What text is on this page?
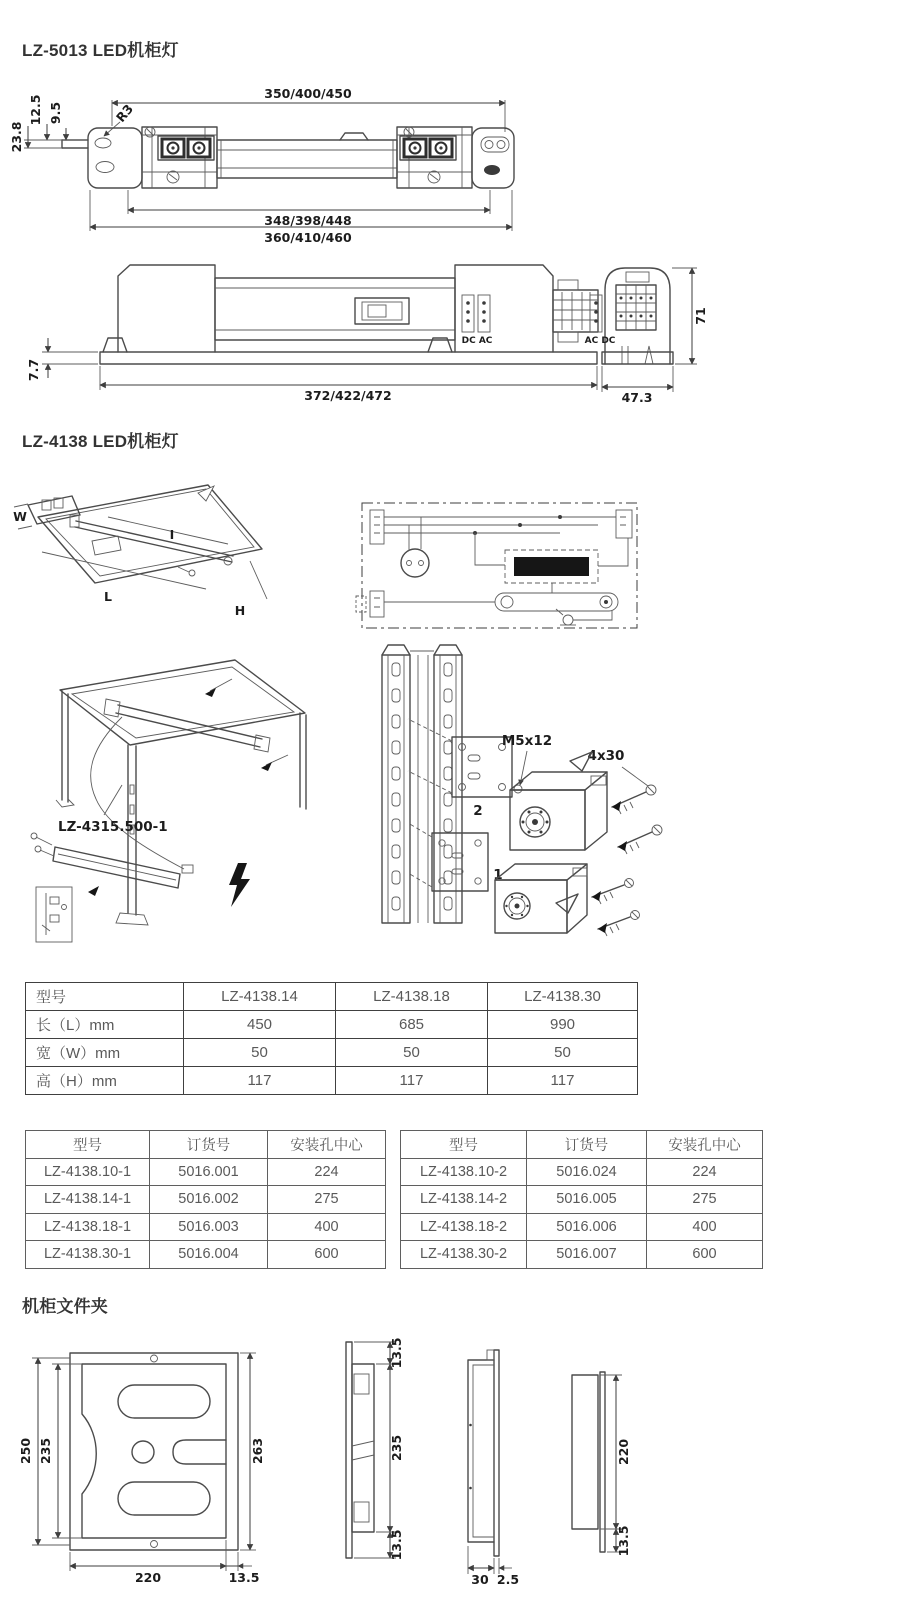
LZ-5013 LED机柜灯
350/400/450
12.5 9.5
23.8
R3
348/398/448
360/410/460
DC AC
7.7
372/422/472
AC DC
47.3
71
LZ-4138 LED机柜灯
I
L
W
H
LZ-4315.500-1
2
M5x12
4x30
1
型号	LZ-4138.14	LZ-4138.18	LZ-4138.30
长（L）mm	450	685	990
宽（W）mm	50	50	50
高（H）mm	117	117	117
型号	订货号	安装孔中心
LZ-4138.10-1	5016.001	224
LZ-4138.14-1	5016.002	275
LZ-4138.18-1	5016.003	400
LZ-4138.30-1	5016.004	600
型号	订货号	安装孔中心
LZ-4138.10-2	5016.024	224
LZ-4138.14-2	5016.005	275
LZ-4138.18-2	5016.006	400
LZ-4138.30-2	5016.007	600
机柜文件夹
250 235	263
220	13.5
13.5
235
13.5
30 2.5
220
13.5
